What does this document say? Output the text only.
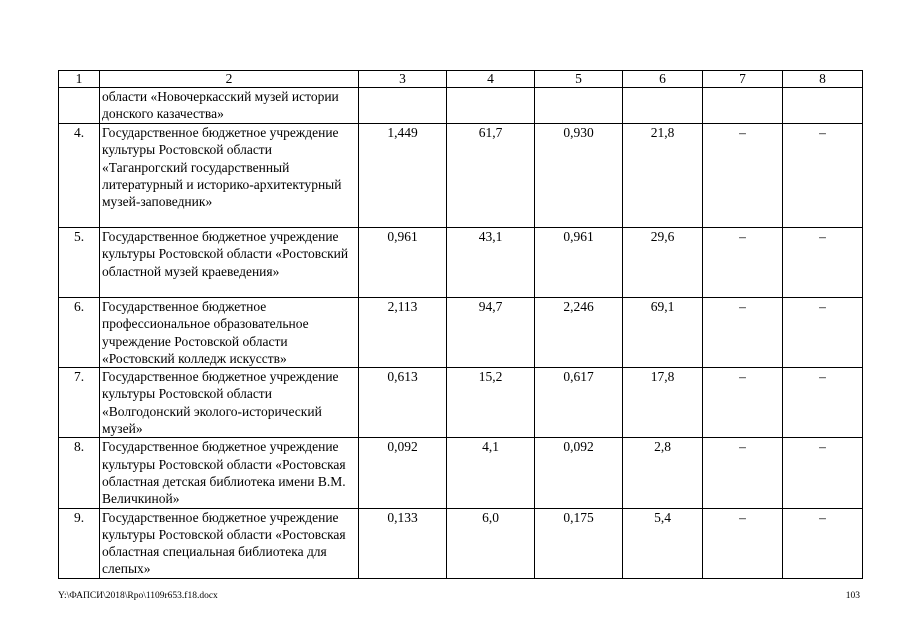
1	2	3	4	5	6	7	8
	области «Новочеркасский музей истории донского казачества»						
4.	Государственное бюджетное учреждение культуры Ростовской области «Таганрогский государственный литературный и историко-архитектурный музей-заповедник»	1,449	61,7	0,930	21,8	–	–
5.	Государственное бюджетное учреждение культуры Ростовской области «Ростовский областной музей краеведения»	0,961	43,1	0,961	29,6	–	–
6.	Государственное бюджетное профессиональное образовательное учреждение Ростовской области «Ростовский колледж искусств»	2,113	94,7	2,246	69,1	–	–
7.	Государственное бюджетное учреждение культуры Ростовской области «Волгодонский эколого-исторический музей»	0,613	15,2	0,617	17,8	–	–
8.	Государственное бюджетное учреждение культуры Ростовской области «Ростовская областная детская библиотека имени В.М. Величкиной»	0,092	4,1	0,092	2,8	–	–
9.	Государственное бюджетное учреждение культуры Ростовской области «Ростовская областная специальная библиотека для слепых»	0,133	6,0	0,175	5,4	–	–
Y:\ФАПСИ\2018\Rpo\1109r653.f18.docx	103
